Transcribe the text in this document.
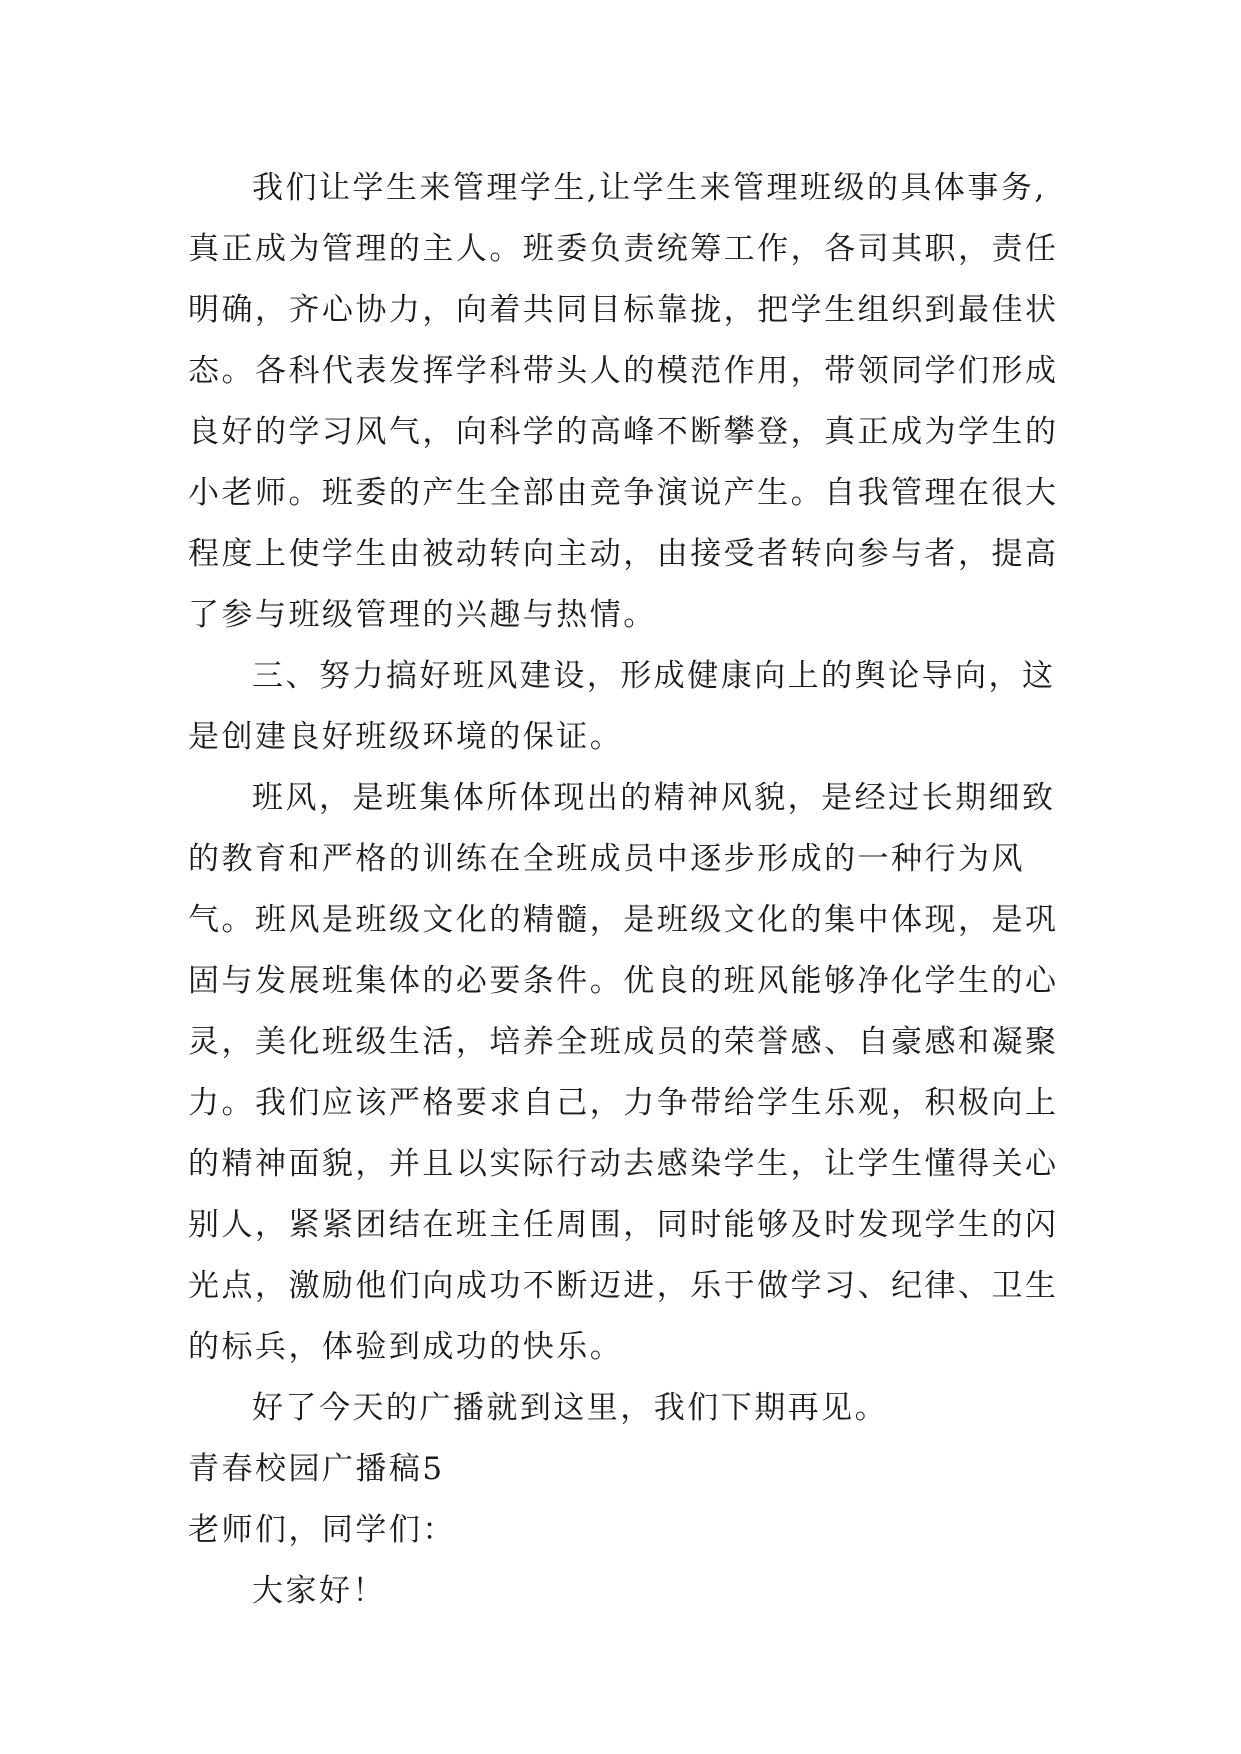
我们让学生来管理学生,让学生来管理班级的具体事务,
真正成为管理的主人。班委负责统筹工作，各司其职，责任
明确，齐心协力，向着共同目标靠拢，把学生组织到最佳状
态。各科代表发挥学科带头人的模范作用，带领同学们形成
良好的学习风气，向科学的高峰不断攀登，真正成为学生的
小老师。班委的产生全部由竞争演说产生。自我管理在很大
程度上使学生由被动转向主动，由接受者转向参与者，提高
了参与班级管理的兴趣与热情。
三、努力搞好班风建设，形成健康向上的舆论导向，这
是创建良好班级环境的保证。
班风，是班集体所体现出的精神风貌，是经过长期细致
的教育和严格的训练在全班成员中逐步形成的一种行为风
气。班风是班级文化的精髓，是班级文化的集中体现，是巩
固与发展班集体的必要条件。优良的班风能够净化学生的心
灵，美化班级生活，培养全班成员的荣誉感、自豪感和凝聚
力。我们应该严格要求自己，力争带给学生乐观，积极向上
的精神面貌，并且以实际行动去感染学生，让学生懂得关心
别人，紧紧团结在班主任周围，同时能够及时发现学生的闪
光点，激励他们向成功不断迈进，乐于做学习、纪律、卫生
的标兵，体验到成功的快乐。
好了今天的广播就到这里，我们下期再见。
青春校园广播稿5
老师们，同学们：
大家好！
